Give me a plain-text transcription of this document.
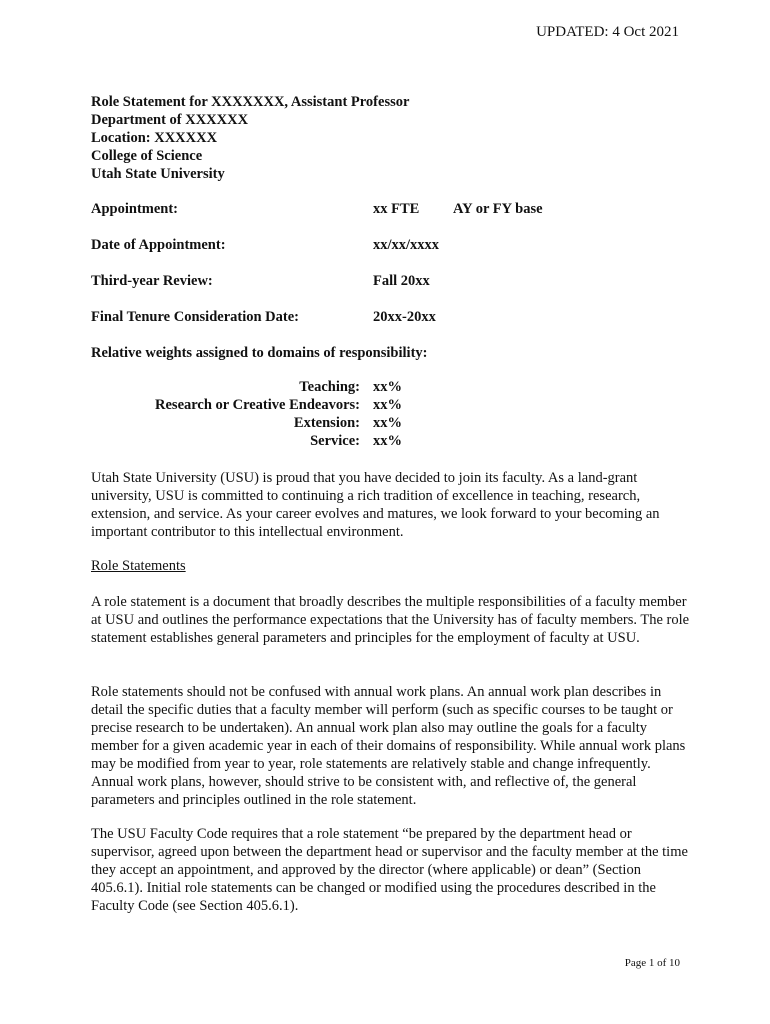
UPDATED: 4 Oct 2021
Role Statement for XXXXXXX, Assistant Professor
Department of XXXXXX
Location: XXXXXX
College of Science
Utah State University
Appointment:	xx FTE AY or FY base
Date of Appointment:	xx/xx/xxxx
Third-year Review:	Fall 20xx
Final Tenure Consideration Date:	20xx-20xx
Relative weights assigned to domains of responsibility:
Teaching: xx%
Research or Creative Endeavors: xx%
Extension: xx%
Service: xx%
Utah State University (USU) is proud that you have decided to join its faculty. As a land-grant university, USU is committed to continuing a rich tradition of excellence in teaching, research, extension, and service. As your career evolves and matures, we look forward to your becoming an important contributor to this intellectual environment.
Role Statements
A role statement is a document that broadly describes the multiple responsibilities of a faculty member at USU and outlines the performance expectations that the University has of faculty members. The role statement establishes general parameters and principles for the employment of faculty at USU.
Role statements should not be confused with annual work plans. An annual work plan describes in detail the specific duties that a faculty member will perform (such as specific courses to be taught or precise research to be undertaken). An annual work plan also may outline the goals for a faculty member for a given academic year in each of their domains of responsibility. While annual work plans may be modified from year to year, role statements are relatively stable and change infrequently. Annual work plans, however, should strive to be consistent with, and reflective of, the general parameters and principles outlined in the role statement.
The USU Faculty Code requires that a role statement “be prepared by the department head or supervisor, agreed upon between the department head or supervisor and the faculty member at the time they accept an appointment, and approved by the director (where applicable) or dean” (Section 405.6.1). Initial role statements can be changed or modified using the procedures described in the Faculty Code (see Section 405.6.1).
Page 1 of 10
